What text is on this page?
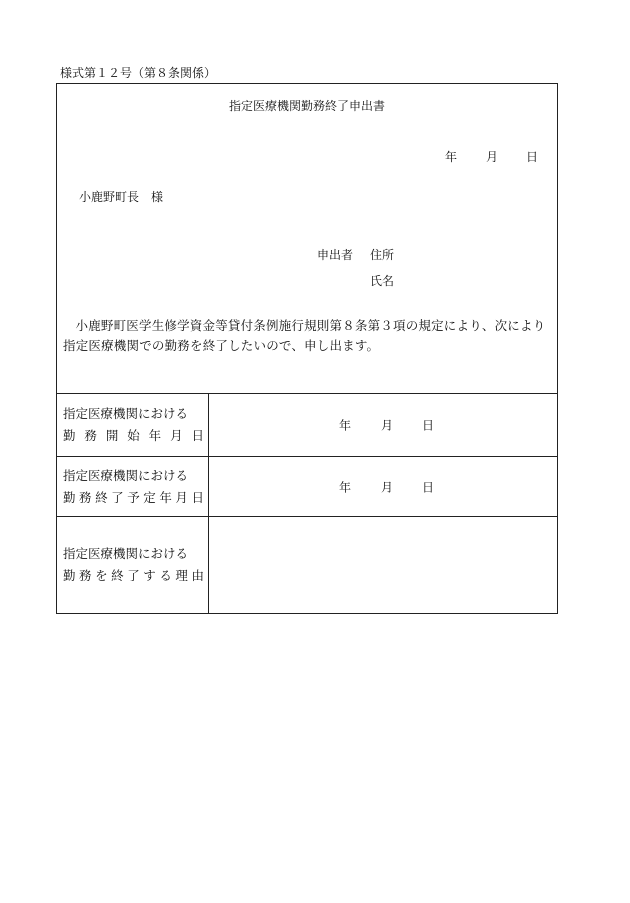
様式第１２号（第８条関係）
指定医療機関勤務終了申出書
年 月 日
小鹿野町長　様
申出者 住所
氏名
小鹿野町医学生修学資金等貸付条例施行規則第８条第３項の規定により、次により指定医療機関での勤務を終了したいので、申し出ます。
指定医療機関における
勤務開始年月日
年 月 日
指定医療機関における
勤務終了予定年月日
年 月 日
指定医療機関における
勤務を終了する理由
